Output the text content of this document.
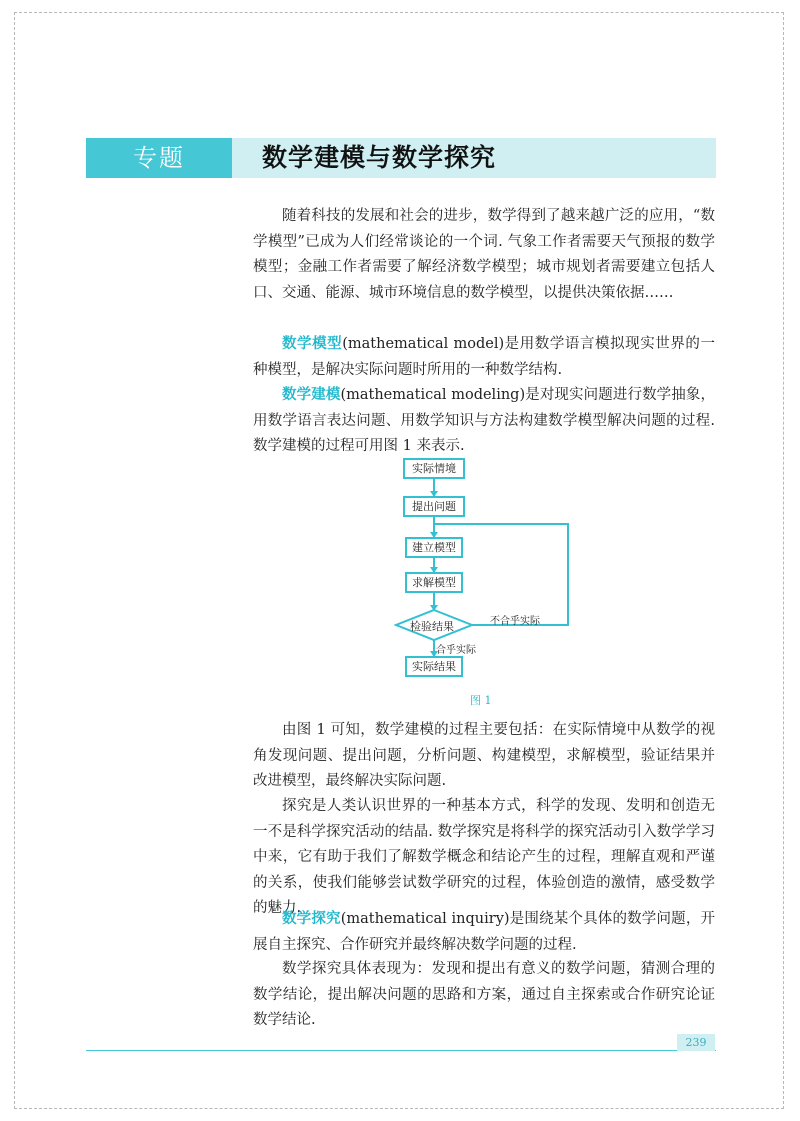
专题	数学建模与数学探究

随着科技的发展和社会的进步，数学得到了越来越广泛的应用，“数学模型”已成为人们经常谈论的一个词. 气象工作者需要天气预报的数学模型；金融工作者需要了解经济数学模型；城市规划者需要建立包括人口、交通、能源、城市环境信息的数学模型，以提供决策依据……

数学模型(mathematical model)是用数学语言模拟现实世界的一种模型，是解决实际问题时所用的一种数学结构.

数学建模(mathematical modeling)是对现实问题进行数学抽象，用数学语言表达问题、用数学知识与方法构建数学模型解决问题的过程. 数学建模的过程可用图 1 来表示.

实际情境
提出问题
建立模型
求解模型
检验结果
实际结果
不合乎实际
合乎实际
图 1

由图 1 可知，数学建模的过程主要包括：在实际情境中从数学的视角发现问题、提出问题，分析问题、构建模型，求解模型，验证结果并改进模型，最终解决实际问题.

探究是人类认识世界的一种基本方式，科学的发现、发明和创造无一不是科学探究活动的结晶. 数学探究是将科学的探究活动引入数学学习中来，它有助于我们了解数学概念和结论产生的过程，理解直观和严谨的关系，使我们能够尝试数学研究的过程，体验创造的激情，感受数学的魅力.

数学探究(mathematical inquiry)是围绕某个具体的数学问题，开展自主探究、合作研究并最终解决数学问题的过程.

数学探究具体表现为：发现和提出有意义的数学问题，猜测合理的数学结论，提出解决问题的思路和方案，通过自主探索或合作研究论证数学结论.

239
